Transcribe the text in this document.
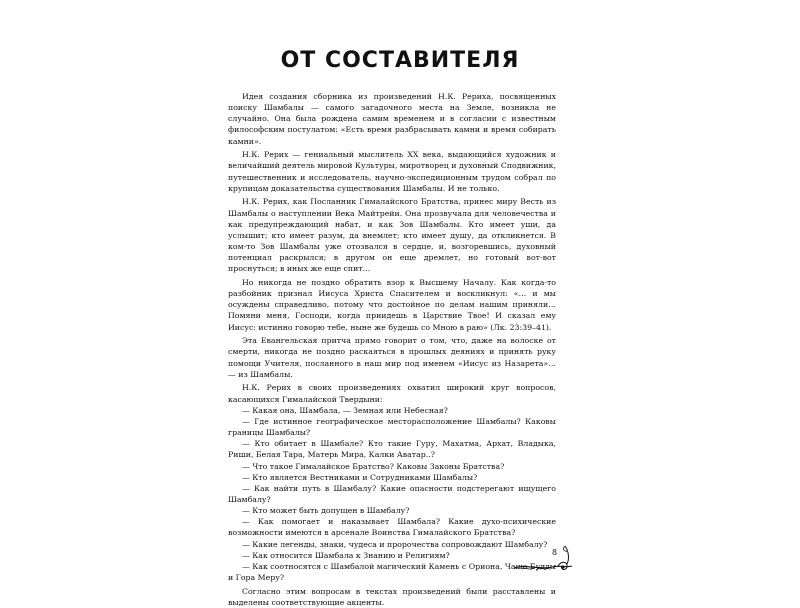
ОТ СОСТАВИТЕЛЯ

Идея создания сборника из произведений Н.К. Рериха, посвященных поиску Шамбалы — самого загадочного места на Земле, возникла не случайно. Она была рождена самим временем и в согласии с известным философским постулатом: «Есть время разбрасывать камни и время собирать камни».

Н.К. Рерих — гениальный мыслитель XX века, выдающийся художник и величайший деятель мировой Культуры, миротворец и духовный Сподвижник, путешественник и исследователь, научно-экспедиционным трудом собрал по крупицам доказательства существования Шамбалы. И не только.

Н.К. Рерих, как Посланник Гималайского Братства, принес миру Весть из Шамбалы о наступлении Века Майтрейи. Она прозвучала для человечества и как предупреждающий набат, и как Зов Шамбалы. Кто имеет уши, да услышит; кто имеет разум, да внемлет; кто имеет душу, да откликнется. В ком-то Зов Шамбалы уже отозвался в сердце, и, возгоревшись, духовный потенциал раскрылся; в другом он еще дремлет, но готовый вот-вот проснуться; в иных же еще спит…

Но никогда не поздно обратить взор к Высшему Началу. Как когда-то разбойник признал Иисуса Христа Спасителем и воскликнул: «… и мы осуждены справедливо, потому что достойное по делам нашим приняли… Помяни меня, Господи, когда приидешь в Царствие Твое! И сказал ему Иисус: истинно говорю тебе, ныне же будешь со Мною в раю» (Лк. 23:39–41).

Эта Евангельская притча прямо говорит о том, что, даже на волоске от смерти, никогда не поздно раскаяться в прошлых деяниях и принять руку помощи Учителя, посланного в наш мир под именем «Иисус из Назарета»… — из Шамбалы.

Н.К. Рерих в своих произведениях охватил широкий круг вопросов, касающихся Гималайской Твердыни:

— Какая она, Шамбала, — Земная или Небесная?

— Где истинное географическое месторасположение Шамбалы? Каковы границы Шамбалы?

— Кто обитает в Шамбале? Кто такие Гуру, Махатма, Архат, Владыка, Риши, Белая Тара, Матерь Мира, Калки Аватар..?

— Что такое Гималайское Братство? Каковы Законы Братства?

— Кто является Вестниками и Сотрудниками Шамбалы?

— Как найти путь в Шамбалу? Какие опасности подстерегают ищущего Шамбалу?

— Кто может быть допущен в Шамбалу?

— Как помогает и наказывает Шамбала? Какие духо-психические возможности имеются в арсенале Воинства Гималайского Братства?

— Какие легенды, знаки, чудеса и пророчества сопровождают Шамбалу?

— Как относится Шамбала к Знанию и Религиям?

— Как соотносятся с Шамбалой магический Камень с Ориона, Чаша Будды и Гора Меру?

Согласно этим вопросам в текстах произведений были расставлены и выделены соответствующие акценты.

8
